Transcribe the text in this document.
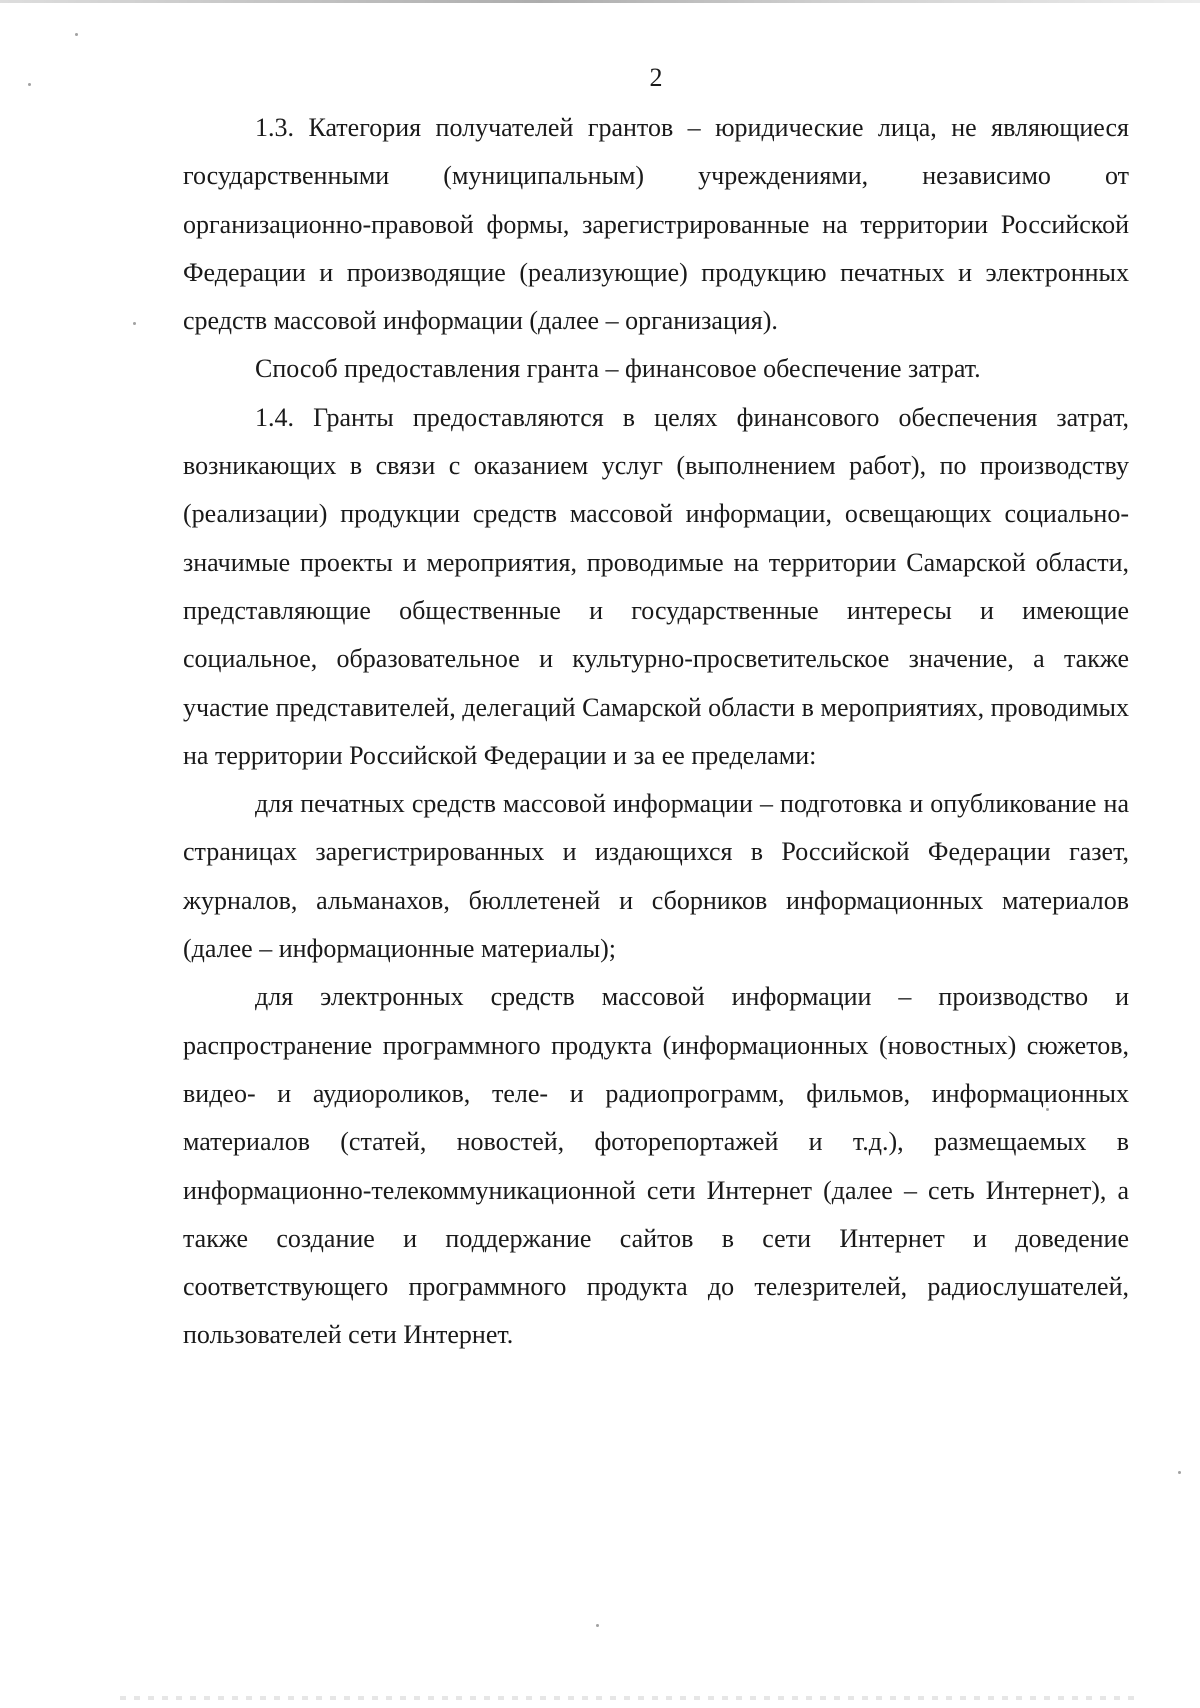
2

1.3. Категория получателей грантов – юридические лица, не являющиеся государственными (муниципальным) учреждениями, независимо от организационно-правовой формы, зарегистрированные на территории Российской Федерации и производящие (реализующие) продукцию печатных и электронных средств массовой информации (далее – организация).

Способ предоставления гранта – финансовое обеспечение затрат.

1.4. Гранты предоставляются в целях финансового обеспечения затрат, возникающих в связи с оказанием услуг (выполнением работ), по производству (реализации) продукции средств массовой информации, освещающих социально-значимые проекты и мероприятия, проводимые на территории Самарской области, представляющие общественные и государственные интересы и имеющие социальное, образовательное и культурно-просветительское значение, а также участие представителей, делегаций Самарской области в мероприятиях, проводимых на территории Российской Федерации и за ее пределами:

для печатных средств массовой информации – подготовка и опубликование на страницах зарегистрированных и издающихся в Российской Федерации газет, журналов, альманахов, бюллетеней и сборников информационных материалов (далее – информационные материалы);

для электронных средств массовой информации – производство и распространение программного продукта (информационных (новостных) сюжетов, видео- и аудиороликов, теле- и радиопрограмм, фильмов, информационных материалов (статей, новостей, фоторепортажей и т.д.), размещаемых в информационно-телекоммуникационной сети Интернет (далее – сеть Интернет), а также создание и поддержание сайтов в сети Интернет и доведение соответствующего программного продукта до телезрителей, радиослушателей, пользователей сети Интернет.
